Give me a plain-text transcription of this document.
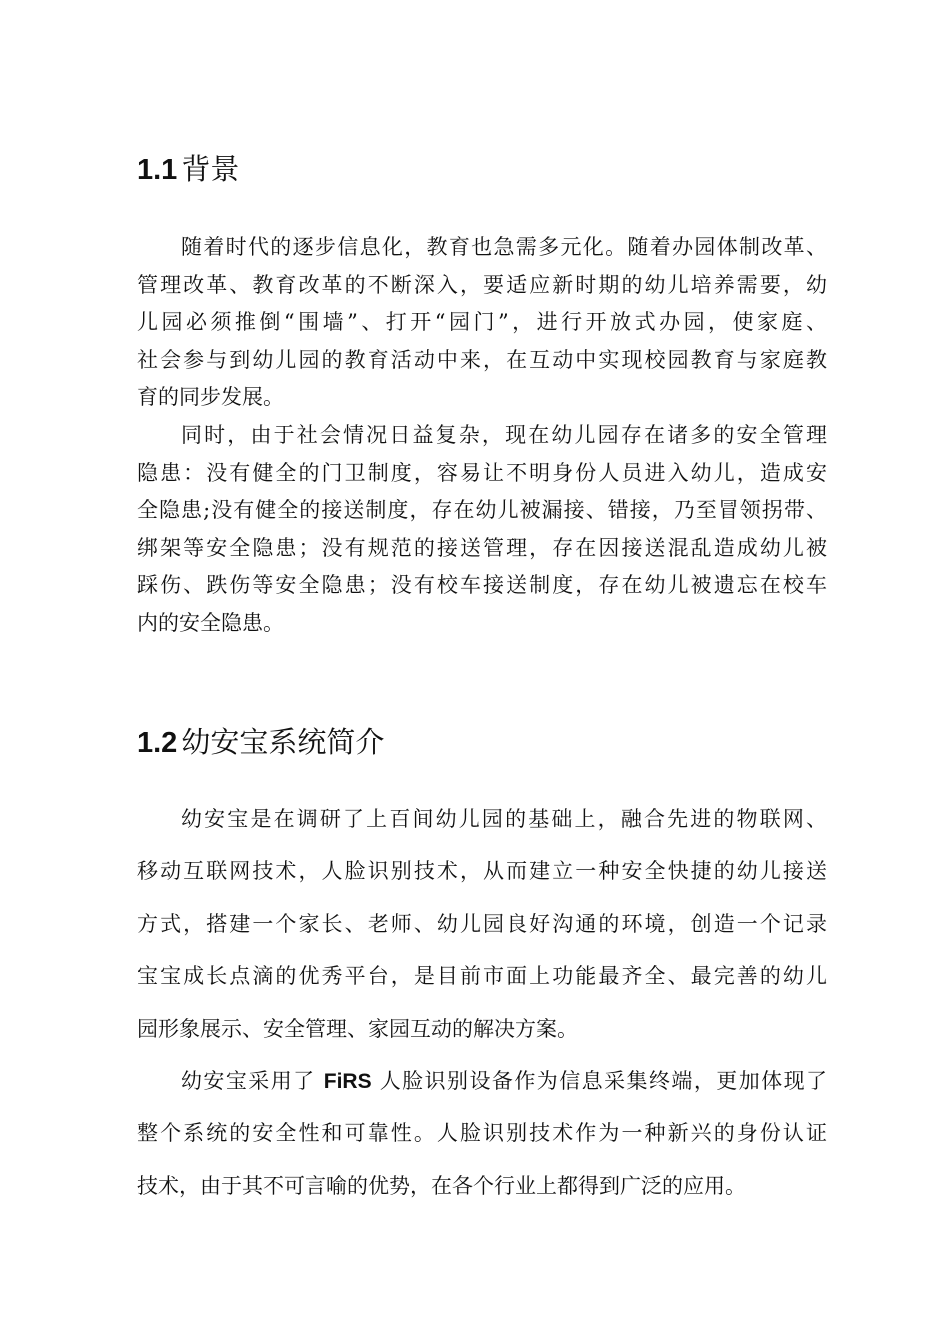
1.1 背景
随着时代的逐步信息化，教育也急需多元化。随着办园体制改革、
管理改革、教育改革的不断深入，要适应新时期的幼儿培养需要，幼
儿园必须推倒“围墙”、打开“园门”，进行开放式办园，使家庭、
社会参与到幼儿园的教育活动中来，在互动中实现校园教育与家庭教
育的同步发展。
同时，由于社会情况日益复杂，现在幼儿园存在诸多的安全管理
隐患：没有健全的门卫制度，容易让不明身份人员进入幼儿，造成安
全隐患;没有健全的接送制度，存在幼儿被漏接、错接，乃至冒领拐带、
绑架等安全隐患；没有规范的接送管理，存在因接送混乱造成幼儿被
踩伤、跌伤等安全隐患；没有校车接送制度，存在幼儿被遗忘在校车
内的安全隐患。
1.2 幼安宝系统简介
幼安宝是在调研了上百间幼儿园的基础上，融合先进的物联网、
移动互联网技术，人脸识别技术，从而建立一种安全快捷的幼儿接送
方式，搭建一个家长、老师、幼儿园良好沟通的环境，创造一个记录
宝宝成长点滴的优秀平台，是目前市面上功能最齐全、最完善的幼儿
园形象展示、安全管理、家园互动的解决方案。
幼安宝采用了 FiRS 人脸识别设备作为信息采集终端，更加体现了
整个系统的安全性和可靠性。人脸识别技术作为一种新兴的身份认证
技术，由于其不可言喻的优势，在各个行业上都得到广泛的应用。
